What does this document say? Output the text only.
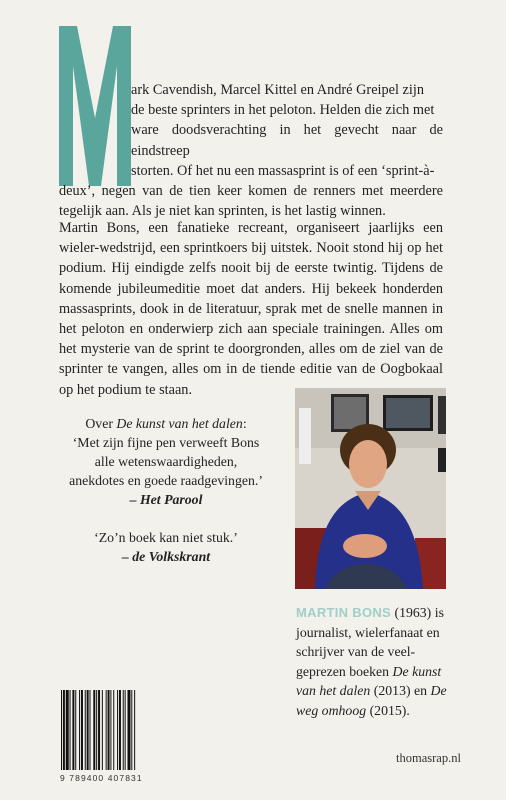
ark Cavendish, Marcel Kittel en André Greipel zijn
de beste sprinters in het peloton. Helden die zich met
ware doodsverachting in het gevecht naar de eindstreep
storten. Of het nu een massasprint is of een ‘sprint-à-
deux’, negen van de tien keer komen de renners met meerdere tegelijk aan. Als je niet kan sprinten, is het lastig winnen.
Martin Bons, een fanatieke recreant, organiseert jaarlijks een wieler-wedstrijd, een sprintkoers bij uitstek. Nooit stond hij op het podium. Hij eindigde zelfs nooit bij de eerste twintig. Tijdens de komende jubileumeditie moet dat anders. Hij bekeek honderden massasprints, dook in de literatuur, sprak met de snelle mannen in het peloton en onderwierp zich aan speciale trainingen. Alles om het mysterie van de sprint te doorgronden, alles om de ziel van de sprinter te vangen, alles om in de tiende editie van de Oogbokaal op het podium te staan.
Over De kunst van het dalen:
‘Met zijn fijne pen verweeft Bons alle wetenswaardigheden, anekdotes en goede raadgevingen.’
– Het Parool
‘Zo’n boek kan niet stuk.’
– de Volkskrant
MARTIN BONS (1963) is journalist, wielerfanaat en schrijver van de veel-geprezen boeken De kunst van het dalen (2013) en De weg omhoog (2015).
9 789400 407831
thomasrap.nl
